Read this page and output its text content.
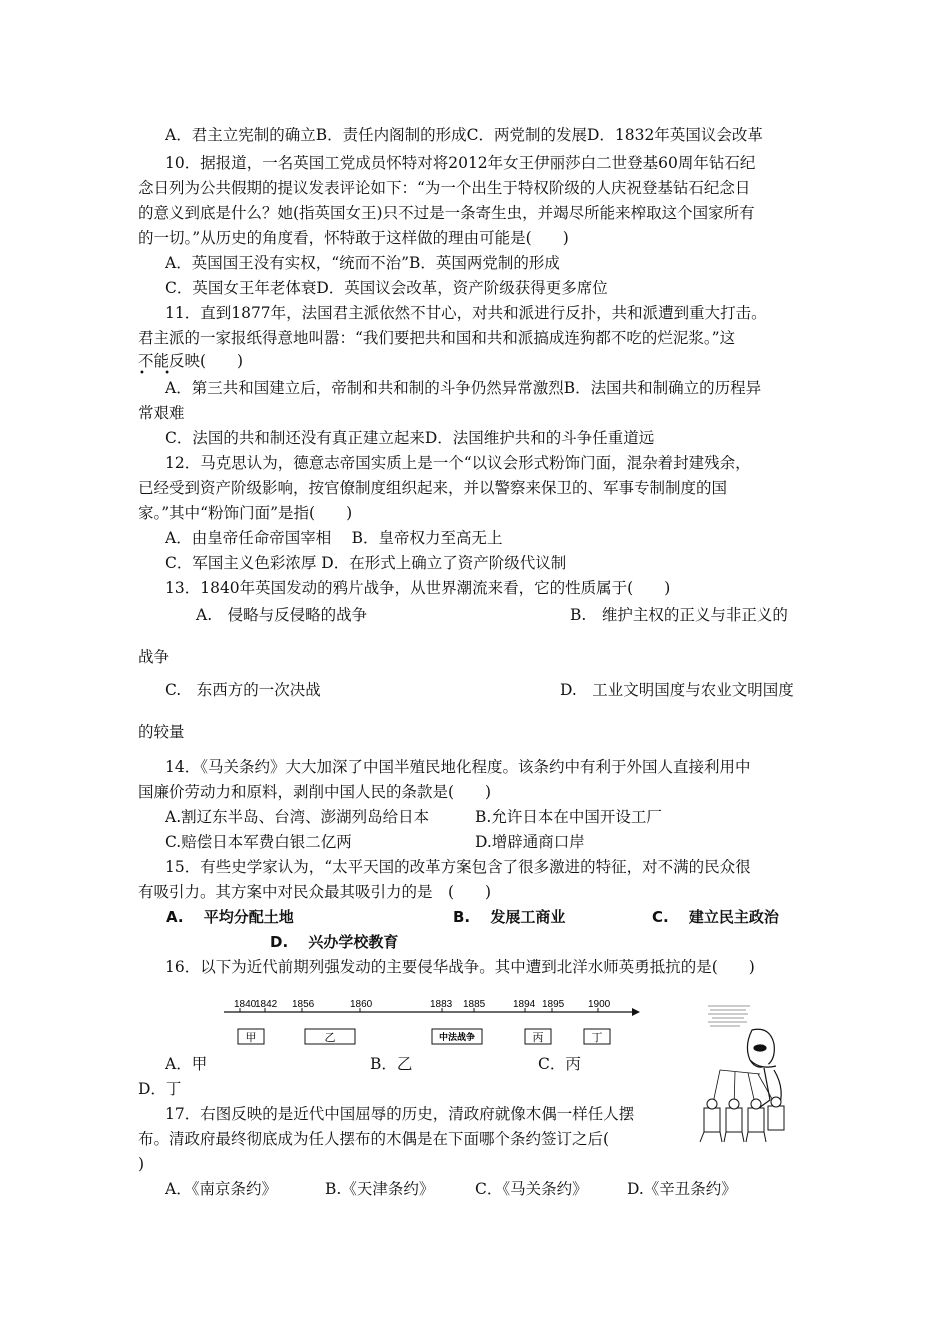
A．君主立宪制的确立B．责任内阁制的形成C．两党制的发展D．1832年英国议会改革
10．据报道，一名英国工党成员怀特对将2012年女王伊丽莎白二世登基60周年钻石纪
念日列为公共假期的提议发表评论如下：“为一个出生于特权阶级的人庆祝登基钻石纪念日
的意义到底是什么？她(指英国女王)只不过是一条寄生虫，并竭尽所能来榨取这个国家所有
的一切。”从历史的角度看，怀特敢于这样做的理由可能是(　　)
A．英国国王没有实权，“统而不治”B．英国两党制的形成
C．英国女王年老体衰D．英国议会改革，资产阶级获得更多席位
11．直到1877年，法国君主派依然不甘心，对共和派进行反扑，共和派遭到重大打击。
君主派的一家报纸得意地叫嚣：“我们要把共和国和共和派搞成连狗都不吃的烂泥浆。”这
不能反映(　　)
• •
A．第三共和国建立后，帝制和共和制的斗争仍然异常激烈B．法国共和制确立的历程异
常艰难
C．法国的共和制还没有真正建立起来D．法国维护共和的斗争任重道远
12．马克思认为，德意志帝国实质上是一个“以议会形式粉饰门面，混杂着封建残余，
已经受到资产阶级影响，按官僚制度组织起来，并以警察来保卫的、军事专制制度的国
家。”其中“粉饰门面”是指(　　)
A．由皇帝任命帝国宰相　 B．皇帝权力至高无上
C．军国主义色彩浓厚 D．在形式上确立了资产阶级代议制
13．1840年英国发动的鸦片战争，从世界潮流来看，它的性质属于(　　)
A.　侵略与反侵略的战争	B.　维护主权的正义与非正义的
战争
C.　东西方的一次决战	D.　工业文明国度与农业文明国度
的较量
14．《马关条约》大大加深了中国半殖民地化程度。该条约中有利于外国人直接利用中
国廉价劳动力和原料，剥削中国人民的条款是(　　)
A.割辽东半岛、台湾、澎湖列岛给日本	B.允许日本在中国开设工厂
C.赔偿日本军费白银二亿两	D.增辟通商口岸
15．有些史学家认为，“太平天国的改革方案包含了很多激进的特征，对不满的民众很
有吸引力。其方案中对民众最其吸引力的是　(　　)
A.　 平均分配土地	B.　 发展工商业	C.　 建立民主政治
D.　 兴办学校教育
16．以下为近代前期列强发动的主要侵华战争。其中遭到北洋水师英勇抵抗的是(　　)
1840
1842 1856	1860	1883 1885	1894 1895 1900
甲	乙	中法战争	丙	丁
A．甲	B．乙	C．丙
D．丁
17．右图反映的是近代中国屈辱的历史，清政府就像木偶一样任人摆
布。清政府最终彻底成为任人摆布的木偶是在下面哪个条约签订之后(
)
A．《南京条约》	B.《天津条约》	C．《马关条约》	D.《辛丑条约》
